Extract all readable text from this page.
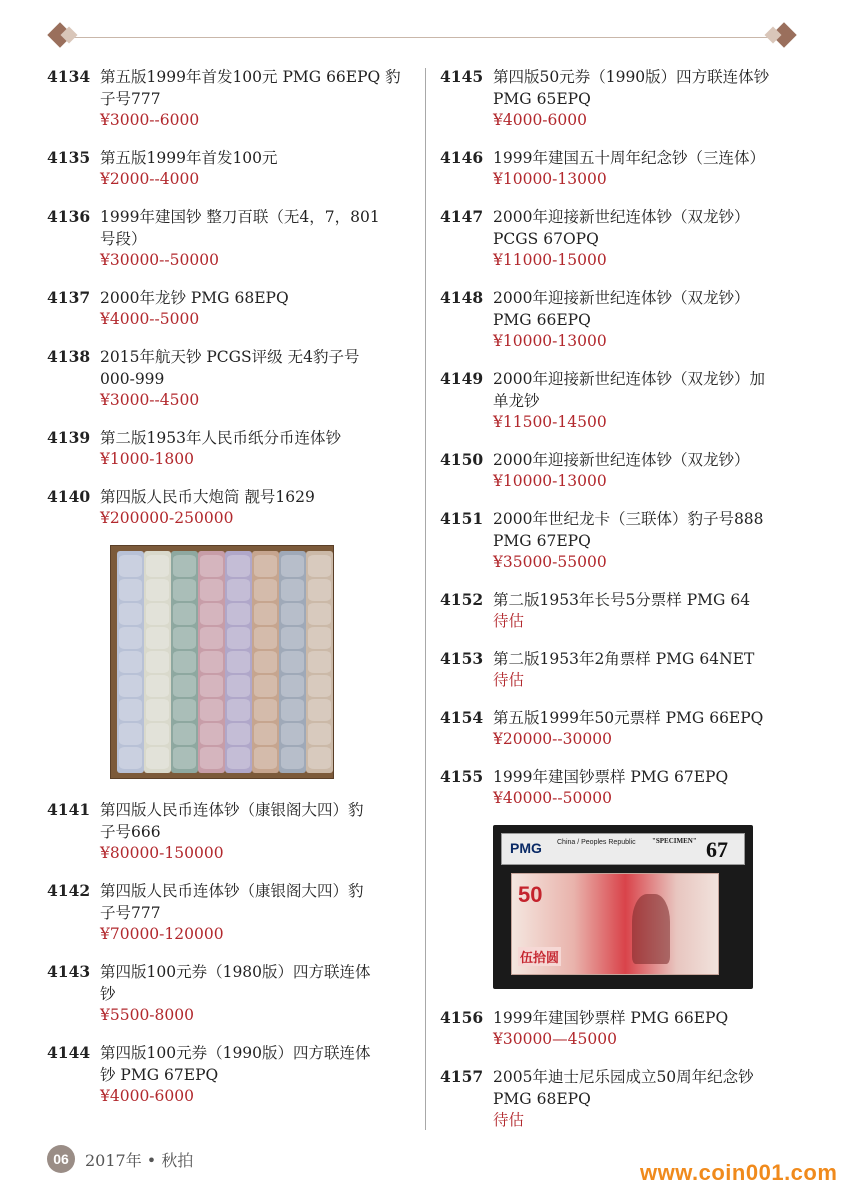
4134 第五版1999年首发100元 PMG 66EPQ 豹
子号777
¥3000--6000
4135 第五版1999年首发100元
¥2000--4000
4136 1999年建国钞 整刀百联（无4，7，801
号段）
¥30000--50000
4137 2000年龙钞 PMG 68EPQ
¥4000--5000
4138 2015年航天钞 PCGS评级 无4豹子号
000-999
¥3000--4500
4139 第二版1953年人民币纸分币连体钞
¥1000-1800
4140 第四版人民币大炮筒 靓号1629
¥200000-250000
4141 第四版人民币连体钞（康银阁大四）豹
子号666
¥80000-150000
4142 第四版人民币连体钞（康银阁大四）豹
子号777
¥70000-120000
4143 第四版100元券（1980版）四方联连体
钞
¥5500-8000
4144 第四版100元券（1990版）四方联连体
钞 PMG 67EPQ
¥4000-6000
4145 第四版50元券（1990版）四方联连体钞
PMG 65EPQ
¥4000-6000
4146 1999年建国五十周年纪念钞（三连体）
¥10000-13000
4147 2000年迎接新世纪连体钞（双龙钞）
PCGS 67OPQ
¥11000-15000
4148 2000年迎接新世纪连体钞（双龙钞）
PMG 66EPQ
¥10000-13000
4149 2000年迎接新世纪连体钞（双龙钞）加
单龙钞
¥11500-14500
4150 2000年迎接新世纪连体钞（双龙钞）
¥10000-13000
4151 2000年世纪龙卡（三联体）豹子号888
PMG 67EPQ
¥35000-55000
4152 第二版1953年长号5分票样 PMG 64
待估
4153 第二版1953年2角票样 PMG 64NET
待估
4154 第五版1999年50元票样 PMG 66EPQ
¥20000--30000
4155 1999年建国钞票样 PMG 67EPQ
¥40000--50000
PMG China / Peoples Republic "SPECIMEN" 67
50
伍拾圆
4156 1999年建国钞票样 PMG 66EPQ
¥30000—45000
4157 2005年迪士尼乐园成立50周年纪念钞
PMG 68EPQ
待估
06	2017年 • 秋拍	www.coin001.com
